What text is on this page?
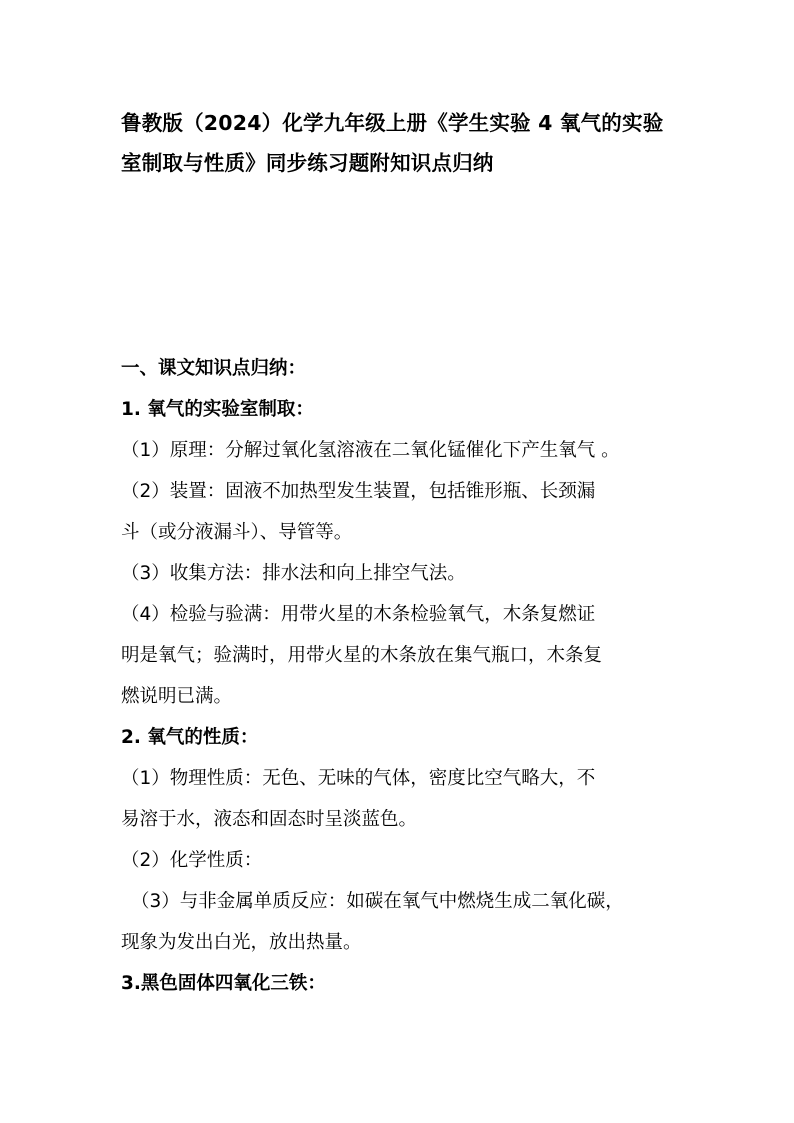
鲁教版（2024）化学九年级上册《学生实验 4 氧气的实验室制取与性质》同步练习题附知识点归纳
一、课文知识点归纳：
1. 氧气的实验室制取：
（1）原理：分解过氧化氢溶液在二氧化锰催化下产生氧气 。
（2）装置：固液不加热型发生装置，包括锥形瓶、长颈漏
斗（或分液漏斗）、导管等。
（3）收集方法：排水法和向上排空气法。
（4）检验与验满：用带火星的木条检验氧气，木条复燃证
明是氧气；验满时，用带火星的木条放在集气瓶口，木条复
燃说明已满。
2. 氧气的性质：
（1）物理性质：无色、无味的气体，密度比空气略大，不
易溶于水，液态和固态时呈淡蓝色。
（2）化学性质：
（3）与非金属单质反应：如碳在氧气中燃烧生成二氧化碳，
现象为发出白光，放出热量。
3.黑色固体四氧化三铁：
